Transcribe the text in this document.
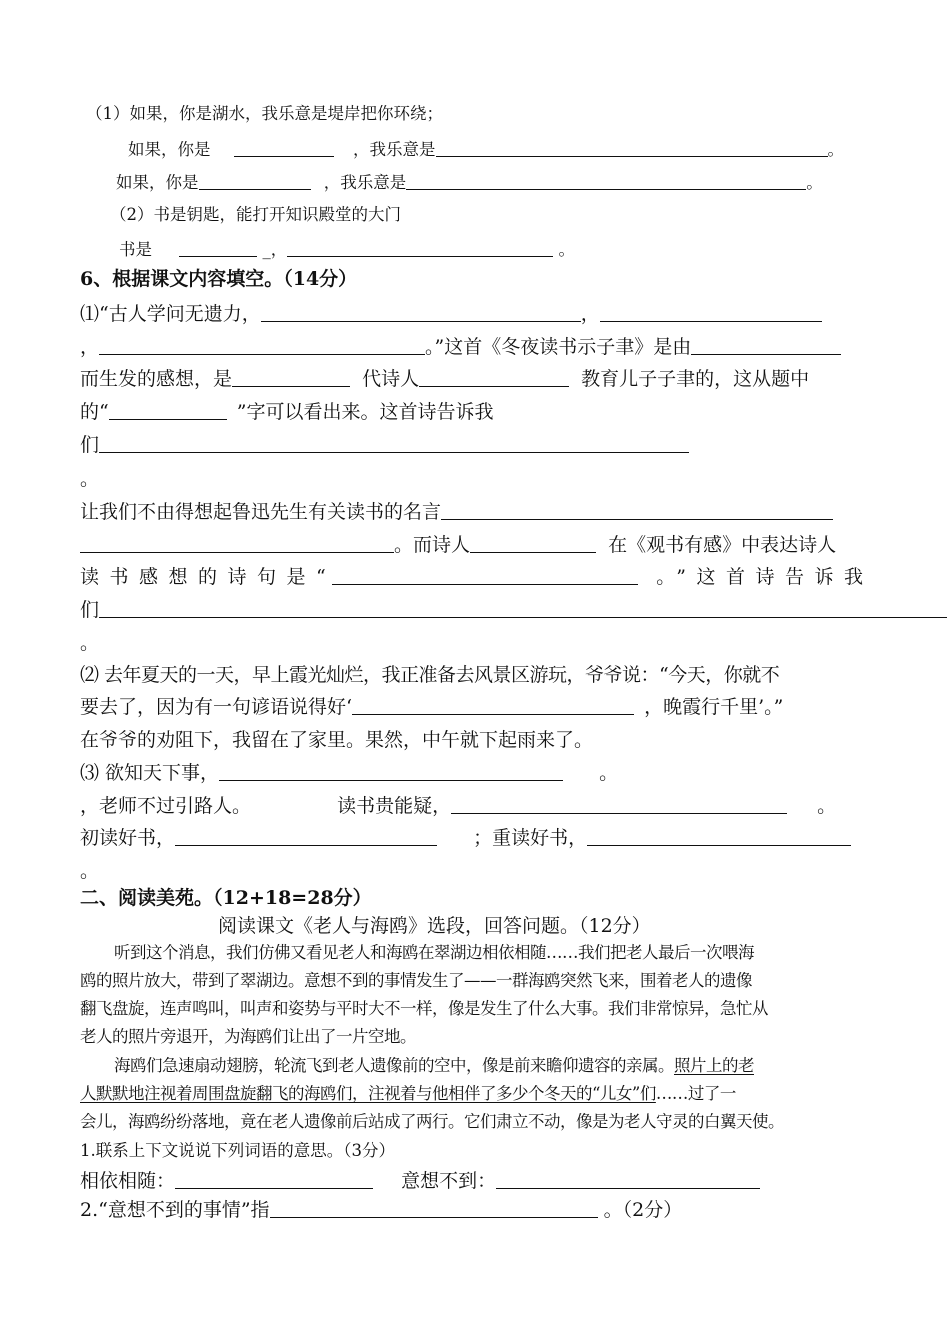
（1）如果，你是湖水，我乐意是堤岸把你环绕；
如果，你是	，我乐意是	。
如果，你是	，我乐意是	。
（2）书是钥匙，能打开知识殿堂的大门
书是	_，	。
6、根据课文内容填空。（14分）
⑴“古人学问无遗力，	，
，	。”这首《冬夜读书示子聿》是由
而生发的感想，是	代诗人	教育儿子子聿的，这从题中
的“	”字可以看出来。这首诗告诉我
们
。
让我们不由得想起鲁迅先生有关读书的名言
。而诗人	在《观书有感》中表达诗人
读书感想的诗句是“	。”这首诗告诉我
们
。
⑵ 去年夏天的一天，早上霞光灿烂，我正准备去风景区游玩，爷爷说：“今天，你就不
要去了，因为有一句谚语说得好‘	，晚霞行千里’。”
在爷爷的劝阻下，我留在了家里。果然，中午就下起雨来了。
⑶ 欲知天下事，	。
，老师不过引路人。	读书贵能疑，	。
初读好书，	；重读好书，
。
二、阅读美苑。（12+18=28分）
阅读课文《老人与海鸥》选段，回答问题。（12分）
听到这个消息，我们仿佛又看见老人和海鸥在翠湖边相依相随……我们把老人最后一次喂海
鸥的照片放大，带到了翠湖边。意想不到的事情发生了——一群海鸥突然飞来，围着老人的遗像
翻飞盘旋，连声鸣叫，叫声和姿势与平时大不一样，像是发生了什么大事。我们非常惊异，急忙从
老人的照片旁退开，为海鸥们让出了一片空地。
海鸥们急速扇动翅膀，轮流飞到老人遗像前的空中，像是前来瞻仰遗容的亲属。照片上的老
人默默地注视着周围盘旋翻飞的海鸥们，注视着与他相伴了多少个冬天的“儿女”们……过了一
会儿，海鸥纷纷落地，竟在老人遗像前后站成了两行。它们肃立不动，像是为老人守灵的白翼天使。
1.联系上下文说说下列词语的意思。（3分）
相依相随：	意想不到：
2.“意想不到的事情”指	。（2分）
